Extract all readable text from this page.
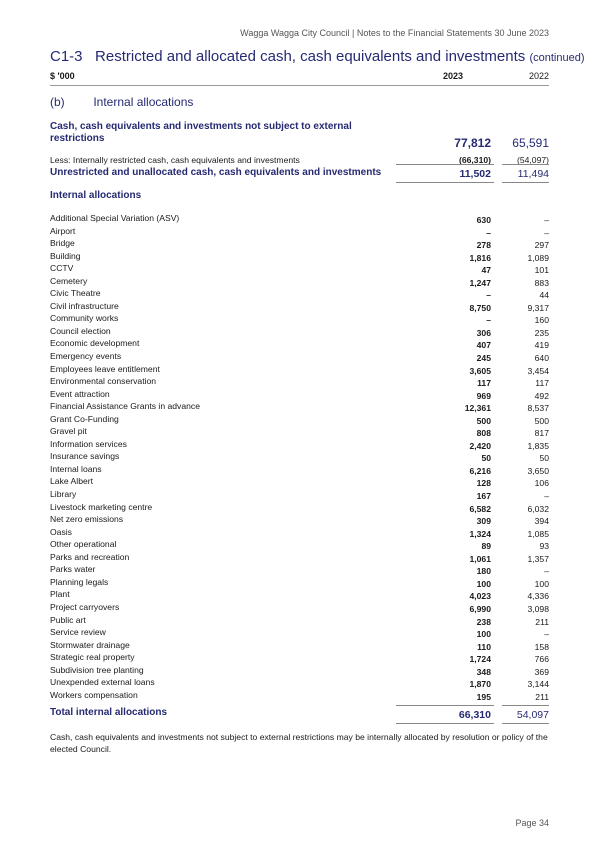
Wagga Wagga City Council | Notes to the Financial Statements 30 June 2023
C1-3 Restricted and allocated cash, cash equivalents and investments (continued)
$ '000	2023	2022
(b) Internal allocations
Cash, cash equivalents and investments not subject to external restrictions	77,812 65,591
Less: Internally restricted cash, cash equivalents and investments	(66,310)	(54,097)
Unrestricted and unallocated cash, cash equivalents and investments	11,502	11,494
Internal allocations
Additional Special Variation (ASV)	630	–
Airport	–	–
Bridge	278	297
Building	1,816	1,089
CCTV	47	101
Cemetery	1,247	883
Civic Theatre	–	44
Civil infrastructure	8,750	9,317
Community works	–	160
Council election	306	235
Economic development	407	419
Emergency events	245	640
Employees leave entitlement	3,605	3,454
Environmental conservation	117	117
Event attraction	969	492
Financial Assistance Grants in advance	12,361	8,537
Grant Co-Funding	500	500
Gravel pit	808	817
Information services	2,420	1,835
Insurance savings	50	50
Internal loans	6,216	3,650
Lake Albert	128	106
Library	167	–
Livestock marketing centre	6,582	6,032
Net zero emissions	309	394
Oasis	1,324	1,085
Other operational	89	93
Parks and recreation	1,061	1,357
Parks water	180	–
Planning legals	100	100
Plant	4,023	4,336
Project carryovers	6,990	3,098
Public art	238	211
Service review	100	–
Stormwater drainage	110	158
Strategic real property	1,724	766
Subdivision tree planting	348	369
Unexpended external loans	1,870	3,144
Workers compensation	195	211
Total internal allocations	66,310 54,097
Cash, cash equivalents and investments not subject to external restrictions may be internally allocated by resolution or policy of the elected Council.
Page 34
